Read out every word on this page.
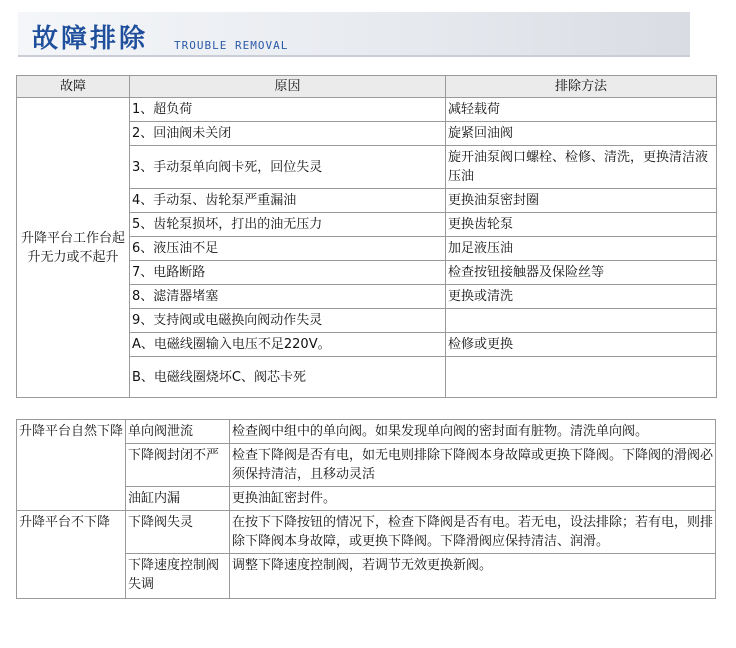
故障排除 TROUBLE REMOVAL
故障	原因	排除方法
升降平台工作台起升无力或不起升	1、超负荷	减轻载荷
	2、回油阀未关闭	旋紧回油阀
	3、手动泵单向阀卡死，回位失灵	旋开油泵阀口螺栓、检修、清洗，更换清洁液压油
	4、手动泵、齿轮泵严重漏油	更换油泵密封圈
	5、齿轮泵损坏，打出的油无压力	更换齿轮泵
	6、液压油不足	加足液压油
	7、电路断路	检查按钮接触器及保险丝等
	8、滤清器堵塞	更换或清洗
	9、支持阀或电磁换向阀动作失灵	
	A、电磁线圈输入电压不足220V。	检修或更换
	B、电磁线圈烧坏C、阀芯卡死	
升降平台自然下降	单向阀泄流	检查阀中组中的单向阀。如果发现单向阀的密封面有脏物。清洗单向阀。
	下降阀封闭不严	检查下降阀是否有电，如无电则排除下降阀本身故障或更换下降阀。下降阀的滑阀必须保持清洁，且移动灵活
	油缸内漏	更换油缸密封件。
升降平台不下降	下降阀失灵	在按下下降按钮的情况下，检查下降阀是否有电。若无电，设法排除；若有电，则排除下降阀本身故障，或更换下降阀。下降滑阀应保持清洁、润滑。
	下降速度控制阀失调	调整下降速度控制阀，若调节无效更换新阀。
